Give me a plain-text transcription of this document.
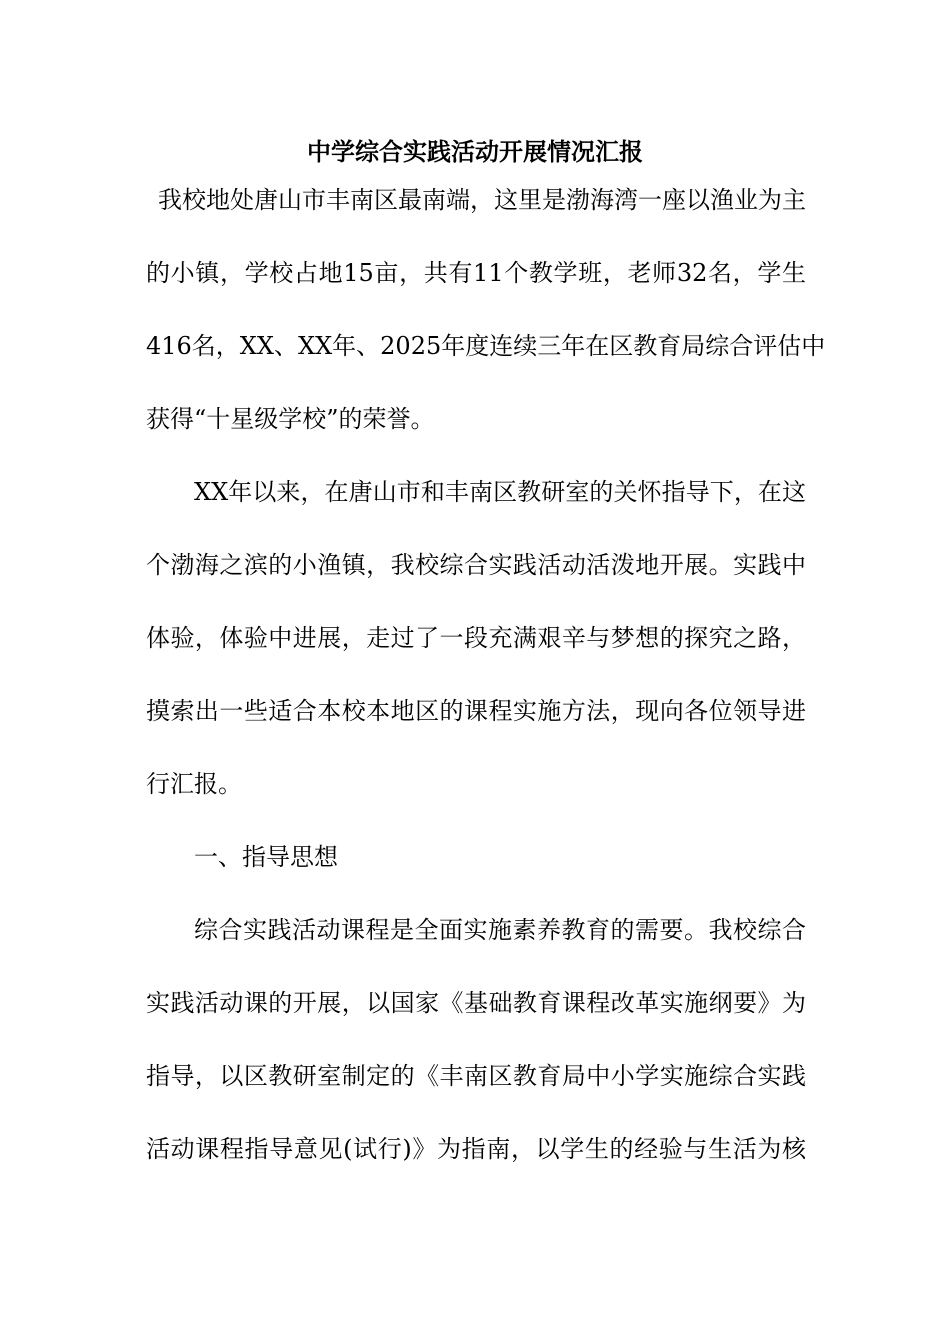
中学综合实践活动开展情况汇报

我校地处唐山市丰南区最南端，这里是渤海湾一座以渔业为主

的小镇，学校占地15亩，共有11个教学班，老师32名，学生

416名，XX、XX年、2025年度连续三年在区教育局综合评估中

获得“十星级学校”的荣誉。

XX年以来，在唐山市和丰南区教研室的关怀指导下，在这

个渤海之滨的小渔镇，我校综合实践活动活泼地开展。实践中

体验，体验中进展，走过了一段充满艰辛与梦想的探究之路，

摸索出一些适合本校本地区的课程实施方法，现向各位领导进

行汇报。

一、指导思想

综合实践活动课程是全面实施素养教育的需要。我校综合

实践活动课的开展，以国家《基础教育课程改革实施纲要》为

指导，以区教研室制定的《丰南区教育局中小学实施综合实践

活动课程指导意见(试行)》为指南，以学生的经验与生活为核
